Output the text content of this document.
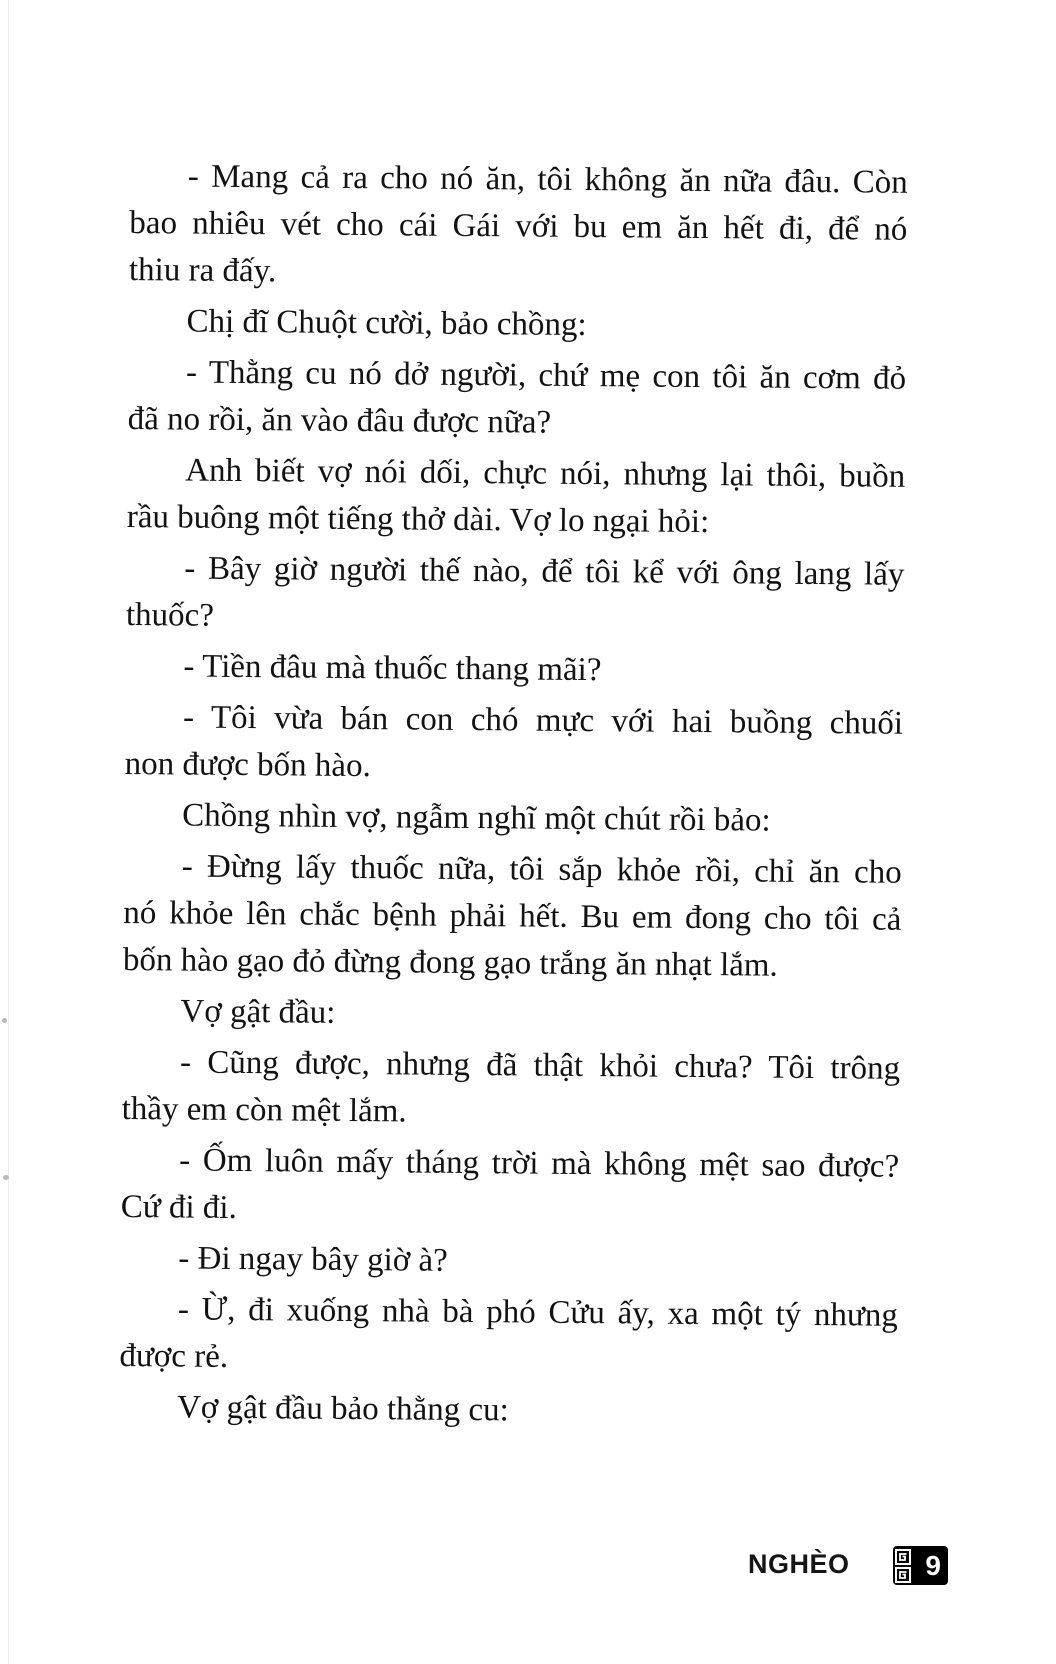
- Mang cả ra cho nó ăn, tôi không ăn nữa đâu. Còn
bao nhiêu vét cho cái Gái với bu em ăn hết đi, để nó
thiu ra đấy.
Chị đĩ Chuột cười, bảo chồng:
- Thằng cu nó dở người, chứ mẹ con tôi ăn cơm đỏ
đã no rồi, ăn vào đâu được nữa?
Anh biết vợ nói dối, chực nói, nhưng lại thôi, buồn
rầu buông một tiếng thở dài. Vợ lo ngại hỏi:
- Bây giờ người thế nào, để tôi kể với ông lang lấy
thuốc?
- Tiền đâu mà thuốc thang mãi?
- Tôi vừa bán con chó mực với hai buồng chuối
non được bốn hào.
Chồng nhìn vợ, ngẫm nghĩ một chút rồi bảo:
- Đừng lấy thuốc nữa, tôi sắp khỏe rồi, chỉ ăn cho
nó khỏe lên chắc bệnh phải hết. Bu em đong cho tôi cả
bốn hào gạo đỏ đừng đong gạo trắng ăn nhạt lắm.
Vợ gật đầu:
- Cũng được, nhưng đã thật khỏi chưa? Tôi trông
thầy em còn mệt lắm.
- Ốm luôn mấy tháng trời mà không mệt sao được?
Cứ đi đi.
- Đi ngay bây giờ à?
- Ừ, đi xuống nhà bà phó Cửu ấy, xa một tý nhưng
được rẻ.
Vợ gật đầu bảo thằng cu:
NGHÈO	9
